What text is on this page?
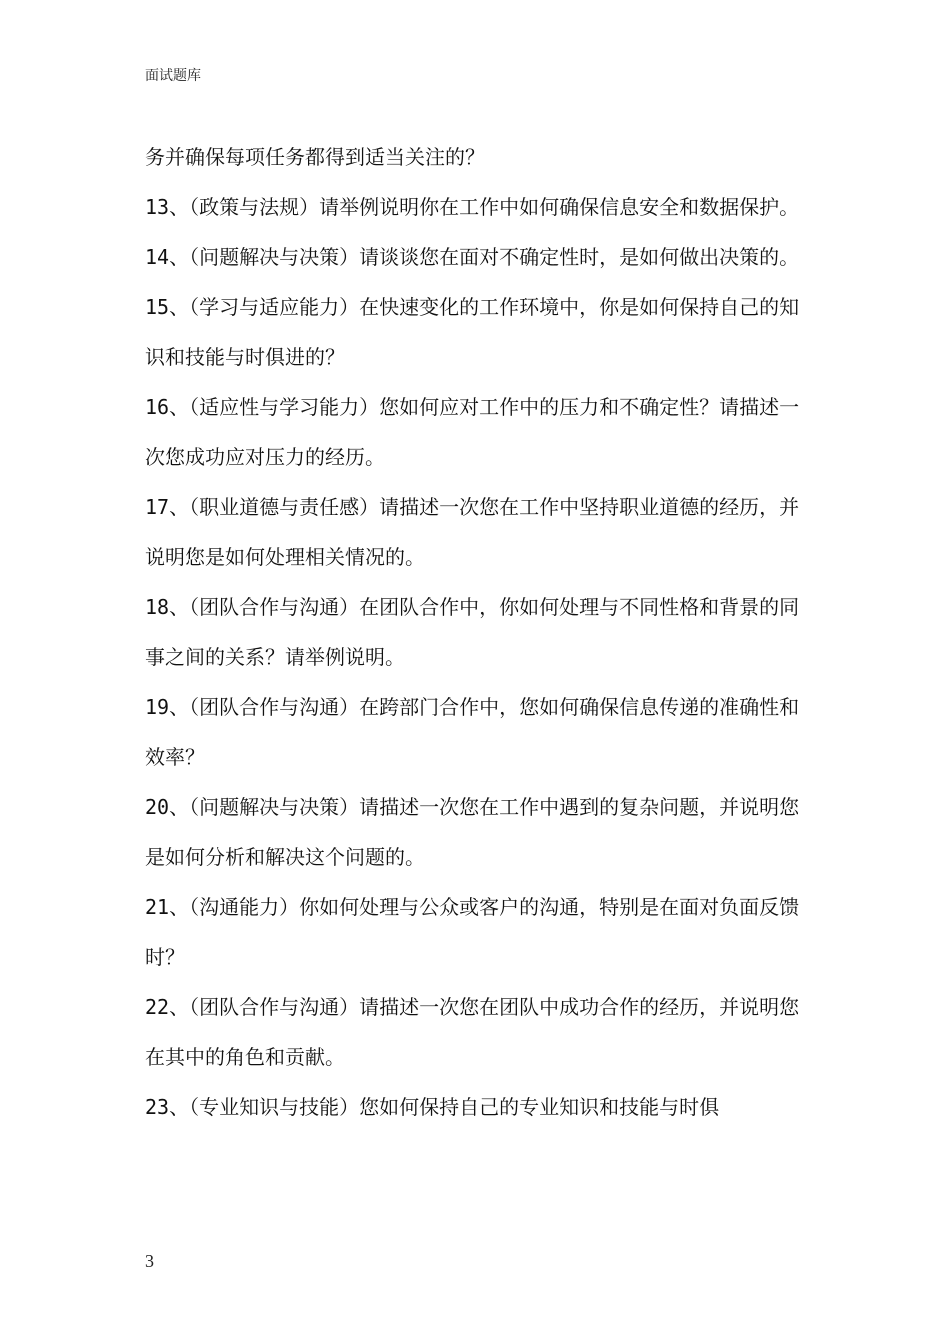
面试题库

务并确保每项任务都得到适当关注的？

13、（政策与法规）请举例说明你在工作中如何确保信息安全和数据保护。

14、（问题解决与决策）请谈谈您在面对不确定性时，是如何做出决策的。

15、（学习与适应能力）在快速变化的工作环境中，你是如何保持自己的知识和技能与时俱进的？

16、（适应性与学习能力）您如何应对工作中的压力和不确定性？请描述一次您成功应对压力的经历。

17、（职业道德与责任感）请描述一次您在工作中坚持职业道德的经历，并说明您是如何处理相关情况的。

18、（团队合作与沟通）在团队合作中，你如何处理与不同性格和背景的同事之间的关系？请举例说明。

19、（团队合作与沟通）在跨部门合作中，您如何确保信息传递的准确性和效率？

20、（问题解决与决策）请描述一次您在工作中遇到的复杂问题，并说明您是如何分析和解决这个问题的。

21、（沟通能力）你如何处理与公众或客户的沟通，特别是在面对负面反馈时？

22、（团队合作与沟通）请描述一次您在团队中成功合作的经历，并说明您在其中的角色和贡献。

23、（专业知识与技能）您如何保持自己的专业知识和技能与时俱

3
